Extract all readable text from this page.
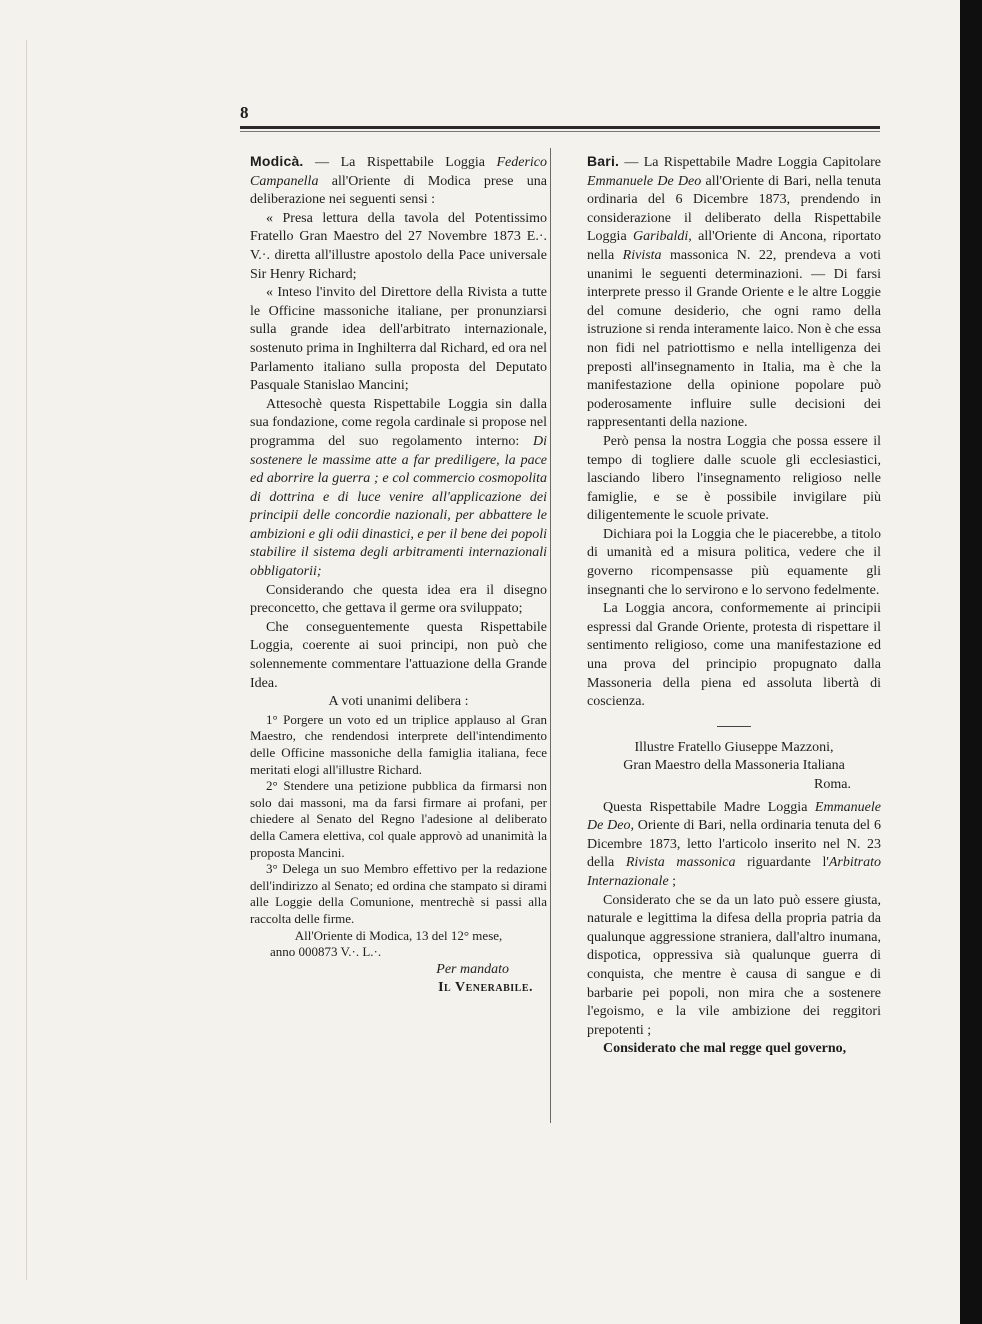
8

Modicà. — La Rispettabile Loggia Federico Campanella all'Oriente di Modica prese una deliberazione nei seguenti sensi :

« Presa lettura della tavola del Potentissimo Fratello Gran Maestro del 27 Novembre 1873 E.·. V.·. diretta all'illustre apostolo della Pace universale Sir Henry Richard;

« Inteso l'invito del Direttore della Rivista a tutte le Officine massoniche italiane, per pronunziarsi sulla grande idea dell'arbitrato internazionale, sostenuto prima in Inghilterra dal Richard, ed ora nel Parlamento italiano sulla proposta del Deputato Pasquale Stanislao Mancini;

Attesochè questa Rispettabile Loggia sin dalla sua fondazione, come regola cardinale si propose nel programma del suo regolamento interno: Di sostenere le massime atte a far prediligere, la pace ed aborrire la guerra ; e col commercio cosmopolita di dottrina e di luce venire all'applicazione dei principii delle concordie nazionali, per abbattere le ambizioni e gli odii dinastici, e per il bene dei popoli stabilire il sistema degli arbitramenti internazionali obbligatorii;

Considerando che questa idea era il disegno preconcetto, che gettava il germe ora sviluppato;

Che conseguentemente questa Rispettabile Loggia, coerente ai suoi principi, non può che solennemente commentare l'attuazione della Grande Idea.

A voti unanimi delibera :

1° Porgere un voto ed un triplice applauso al Gran Maestro, che rendendosi interprete dell'intendimento delle Officine massoniche della famiglia italiana, fece meritati elogi all'illustre Richard.

2° Stendere una petizione pubblica da firmarsi non solo dai massoni, ma da farsi firmare ai profani, per chiedere al Senato del Regno l'adesione al deliberato della Camera elettiva, col quale approvò ad unanimità la proposta Mancini.

3° Delega un suo Membro effettivo per la redazione dell'indirizzo al Senato; ed ordina che stampato si dirami alle Loggie della Comunione, mentrechè si passi alla raccolta delle firme.

All'Oriente di Modica, 13 del 12° mese,

anno 000873 V.·. L.·.

Per mandato

Il Venerabile.

Bari. — La Rispettabile Madre Loggia Capitolare Emmanuele De Deo all'Oriente di Bari, nella tenuta ordinaria del 6 Dicembre 1873, prendendo in considerazione il deliberato della Rispettabile Loggia Garibaldi, all'Oriente di Ancona, riportato nella Rivista massonica N. 22, prendeva a voti unanimi le seguenti determinazioni. — Di farsi interprete presso il Grande Oriente e le altre Loggie del comune desiderio, che ogni ramo della istruzione si renda interamente laico. Non è che essa non fidi nel patriottismo e nella intelligenza dei preposti all'insegnamento in Italia, ma è che la manifestazione della opinione popolare può poderosamente influire sulle decisioni dei rappresentanti della nazione.

Però pensa la nostra Loggia che possa essere il tempo di togliere dalle scuole gli ecclesiastici, lasciando libero l'insegnamento religioso nelle famiglie, e se è possibile invigilare più diligentemente le scuole private.

Dichiara poi la Loggia che le piacerebbe, a titolo di umanità ed a misura politica, vedere che il governo ricompensasse più equamente gli insegnanti che lo servirono e lo servono fedelmente.

La Loggia ancora, conformemente ai principii espressi dal Grande Oriente, protesta di rispettare il sentimento religioso, come una manifestazione ed una prova del principio propugnato dalla Massoneria della piena ed assoluta libertà di coscienza.

Illustre Fratello Giuseppe Mazzoni,

Gran Maestro della Massoneria Italiana

Roma.

Questa Rispettabile Madre Loggia Emmanuele De Deo, Oriente di Bari, nella ordinaria tenuta del 6 Dicembre 1873, letto l'articolo inserito nel N. 23 della Rivista massonica riguardante l'Arbitrato Internazionale ;

Considerato che se da un lato può essere giusta, naturale e legittima la difesa della propria patria da qualunque aggressione straniera, dall'altro inumana, dispotica, oppressiva sià qualunque guerra di conquista, che mentre è causa di sangue e di barbarie pei popoli, non mira che a sostenere l'egoismo, e la vile ambizione dei reggitori prepotenti ;

Considerato che mal regge quel governo,
